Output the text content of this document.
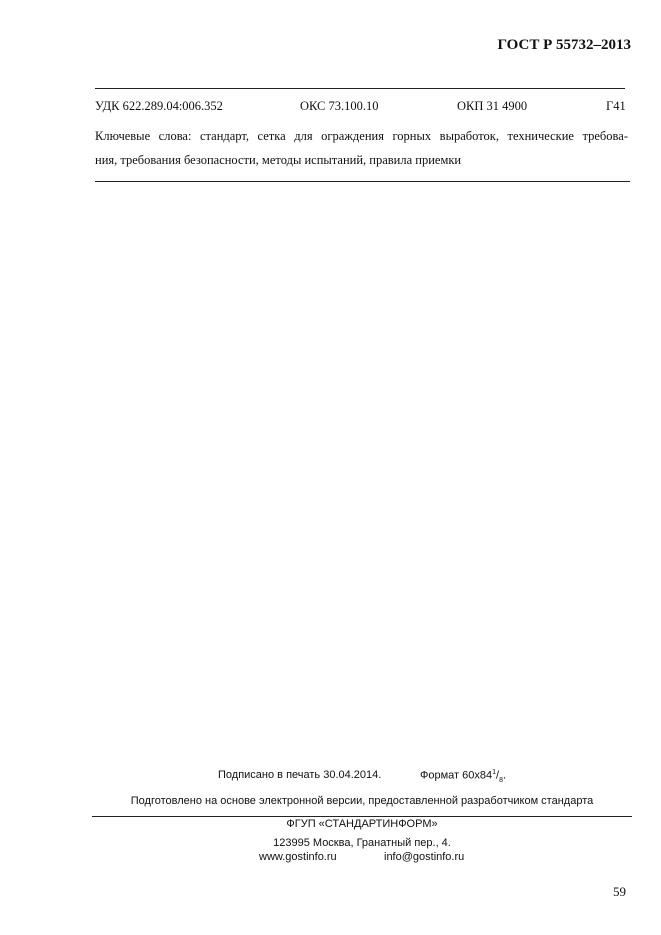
ГОСТ Р 55732–2013
УДК 622.289.04:006.352	ОКС 73.100.10	ОКП 31 4900	Г41
Ключевые слова: стандарт, сетка для ограждения горных выработок, технические требова-
ния, требования безопасности, методы испытаний, правила приемки
Подписано в печать 30.04.2014.	Формат $60х84^1/_8$.
Подготовлено на основе электронной версии, предоставленной разработчиком стандарта
ФГУП «СТАНДАРТИНФОРМ»
123995 Москва, Гранатный пер., 4.
www.gostinfo.ru	info@gostinfo.ru
59
